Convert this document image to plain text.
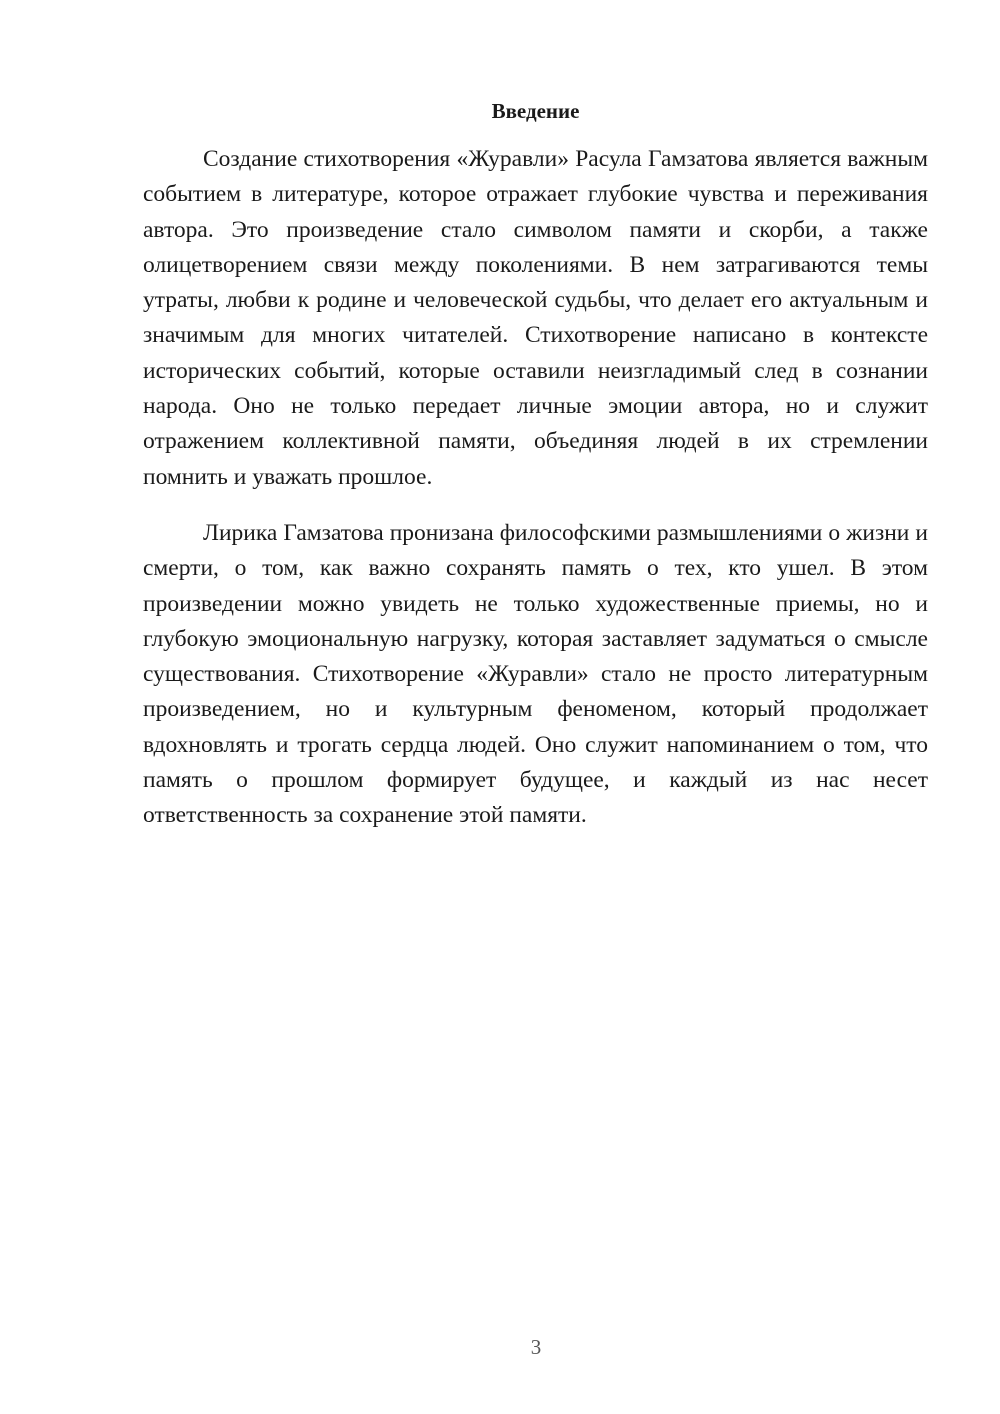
Введение

Создание стихотворения «Журавли» Расула Гамзатова является важным событием в литературе, которое отражает глубокие чувства и переживания автора. Это произведение стало символом памяти и скорби, а также олицетворением связи между поколениями. В нем затрагиваются темы утраты, любви к родине и человеческой судьбы, что делает его актуальным и значимым для многих читателей. Стихотворение написано в контексте исторических событий, которые оставили неизгладимый след в сознании народа. Оно не только передает личные эмоции автора, но и служит отражением коллективной памяти, объединяя людей в их стремлении помнить и уважать прошлое.

Лирика Гамзатова пронизана философскими размышлениями о жизни и смерти, о том, как важно сохранять память о тех, кто ушел. В этом произведении можно увидеть не только художественные приемы, но и глубокую эмоциональную нагрузку, которая заставляет задуматься о смысле существования. Стихотворение «Журавли» стало не просто литературным произведением, но и культурным феноменом, который продолжает вдохновлять и трогать сердца людей. Оно служит напоминанием о том, что память о прошлом формирует будущее, и каждый из нас несет ответственность за сохранение этой памяти.

3
